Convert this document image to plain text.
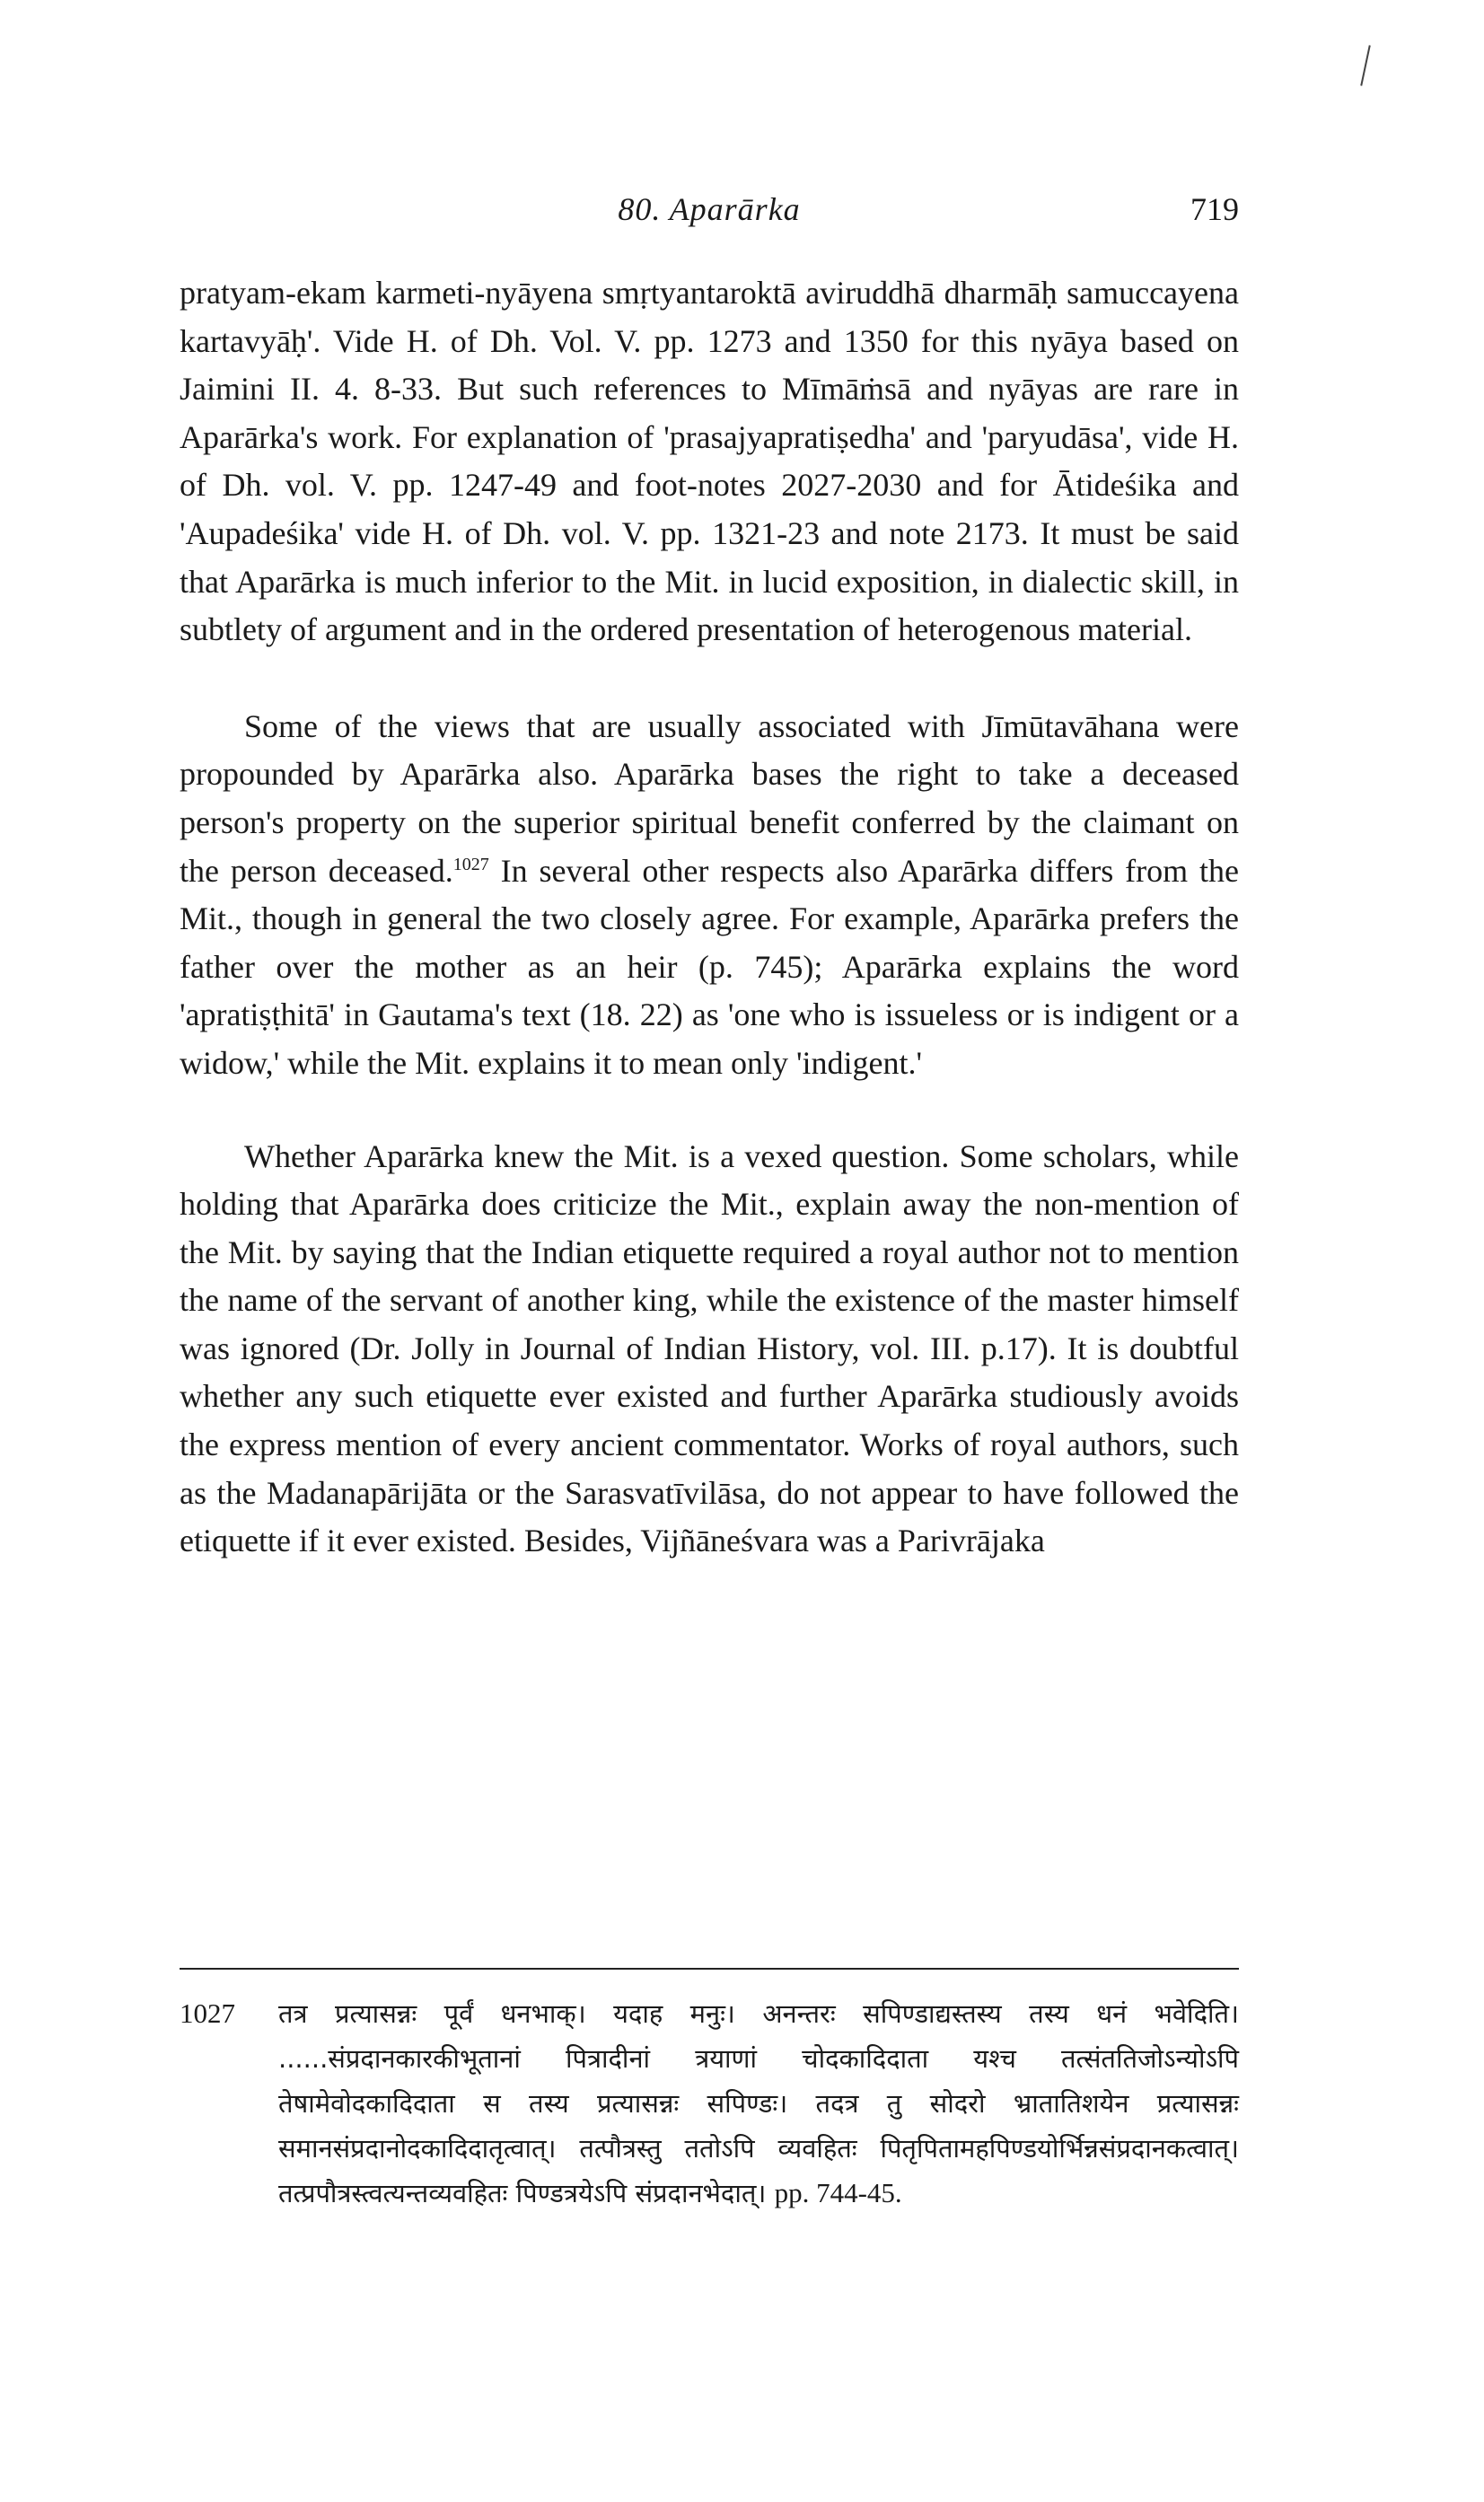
80. Aparārka	719

pratyam-ekam karmeti-nyāyena smṛtyantaroktā aviruddhā dharmāḥ samuccayena kartavyāḥ'. Vide H. of Dh. Vol. V. pp. 1273 and 1350 for this nyāya based on Jaimini II. 4. 8-33. But such references to Mīmāṁsā and nyāyas are rare in Aparārka's work. For explanation of 'prasajyapratiṣedha' and 'paryudāsa', vide H. of Dh. vol. V. pp. 1247-49 and foot-notes 2027-2030 and for Ātideśika and 'Aupadeśika' vide H. of Dh. vol. V. pp. 1321-23 and note 2173. It must be said that Aparārka is much inferior to the Mit. in lucid exposition, in dialectic skill, in subtlety of argument and in the ordered presentation of heterogenous material.

Some of the views that are usually associated with Jīmūtavāhana were propounded by Aparārka also. Aparārka bases the right to take a deceased person's property on the superior spiritual benefit conferred by the claimant on the person deceased.$^{1027}$ In several other respects also Aparārka differs from the Mit., though in general the two closely agree. For example, Aparārka prefers the father over the mother as an heir (p. 745); Aparārka explains the word 'apratiṣṭhitā' in Gautama's text (18. 22) as 'one who is issueless or is indigent or a widow,' while the Mit. explains it to mean only 'indigent.'

Whether Aparārka knew the Mit. is a vexed question. Some scholars, while holding that Aparārka does criticize the Mit., explain away the non-mention of the Mit. by saying that the Indian etiquette required a royal author not to mention the name of the servant of another king, while the existence of the master himself was ignored (Dr. Jolly in Journal of Indian History, vol. III. p.17). It is doubtful whether any such etiquette ever existed and further Aparārka studiously avoids the express mention of every ancient commentator. Works of royal authors, such as the Madanapārijāta or the Sarasvatīvilāsa, do not appear to have followed the etiquette if it ever existed. Besides, Vijñāneśvara was a Parivrājaka

1027 तत्र प्रत्यासन्नः पूर्वं धनभाक्। यदाह मनुः। अनन्तरः सपिण्डाद्यस्तस्य तस्य धनं भवेदिति। ......संप्रदानकारकीभूतानां पित्रादीनां त्रयाणां चोदकादिदाता यश्च तत्संततिजोऽन्योऽपि तेषामेवोदकादिदाता स तस्य प्रत्यासन्नः सपिण्डः। तदत्र तु सोदरो भ्रातातिशयेन प्रत्यासन्नः समानसंप्रदानोदकादिदातृत्वात्। तत्पौत्रस्तु ततोऽपि व्यवहितः पितृपितामहपिण्डयोर्भिन्नसंप्रदानकत्वात्। तत्प्रपौत्रस्त्वत्यन्तव्यवहितः पिण्डत्रयेऽपि संप्रदानभेदात्। pp. 744-45.
